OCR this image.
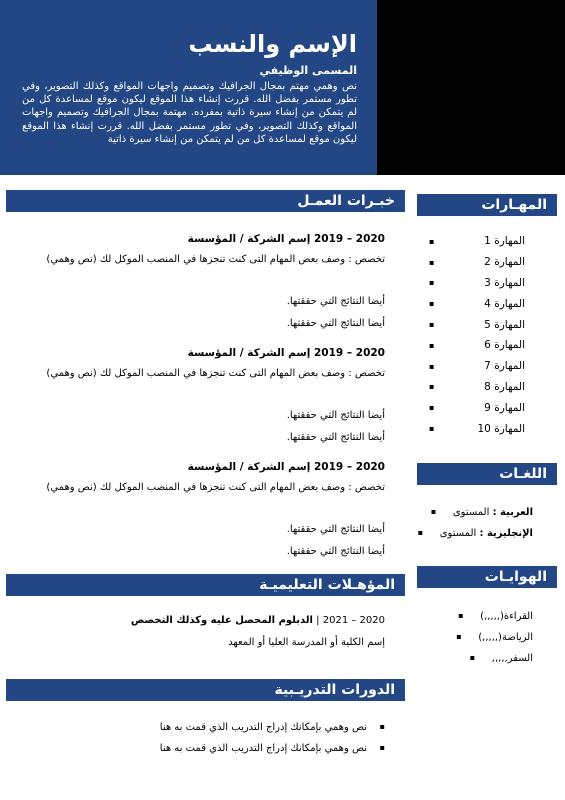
الإسم والنسب
المسمى الوظيفي

نص وهمي مهتم بمجال الجرافيك وتصميم واجهات المواقع وكذلك التصوير، وفي تطور مستمر بفضل الله. قررت إنشاء هذا الموقع ليكون موقع لمساعدة كل من لم يتمكن من إنشاء سيرة ذاتية بمفرده. مهتمة بمجال الجرافيك وتصميم واجهات المواقع وكذلك التصوير، وفي تطور مستمر بفضل الله. قررت إنشاء هذا الموقع ليكون موقع لمساعدة كل من لم يتمكن من إنشاء سيرة ذاتية

الهاتف
0021200000000
البريد
info@bestfreecv.com
العنوان
جدة ، المملكة العربية السعودية
المهـارات
▪ المهارة 1
▪ المهارة 2
▪ المهارة 3
▪ المهارة 4
▪ المهارة 5
▪ المهارة 6
▪ المهارة 7
▪ المهارة 8
▪ المهارة 9
▪ المهارة 10
اللغـات
▪ العربية : المستوى
▪ الإنجليزية : المستوى
الهوايـات
▪ القراءة(,,,,,)
▪ الرياضة(,,,,,)
▪ السفر,,,,,
خبـرات العمـل
2020 – 2019 إسم الشركة / المؤسسة
تخصص : وصف بعض المهام التى كنت تنجزها في المنصب الموكل لك (نص وهمي)
أيضا النتائج التي حققتها.
أيضا النتائج التي حققتها.
2020 – 2019 إسم الشركة / المؤسسة
تخصص : وصف بعض المهام التى كنت تنجزها في المنصب الموكل لك (نص وهمي)
أيضا النتائج التي حققتها.
أيضا النتائج التي حققتها.
2020 – 2019 إسم الشركة / المؤسسة
تخصص : وصف بعض المهام التى كنت تنجزها في المنصب الموكل لك (نص وهمي)
أيضا النتائج التي حققتها.
أيضا النتائج التي حققتها.
المؤهـلات التعليميـة
2020 – 2021 | الدبلوم المحصل عليه وكذلك التخصص
إسم الكلية أو المدرسة العليا أو المعهد
الدورات التدريـبية
▪ نص وهمي بإمكانك إدراج التدريب الذي قمت به هنا
▪ نص وهمي بإمكانك إدراج التدريب الذي قمت به هنا
